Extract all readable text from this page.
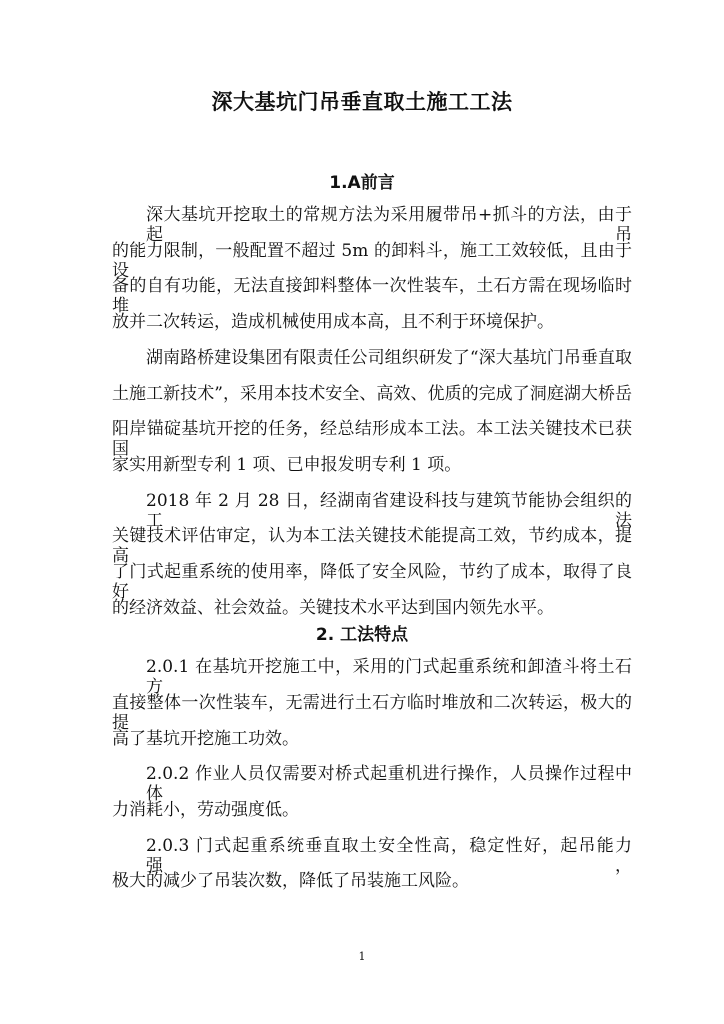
深大基坑门吊垂直取土施工工法
1.A前言

深大基坑开挖取土的常规方法为采用履带吊+抓斗的方法，由于起吊

的能力限制，一般配置不超过 5m 的卸料斗，施工工效较低，且由于设

备的自有功能，无法直接卸料整体一次性装车，土石方需在现场临时堆

放并二次转运，造成机械使用成本高，且不利于环境保护。

湖南路桥建设集团有限责任公司组织研发了“深大基坑门吊垂直取

土施工新技术”，采用本技术安全、高效、优质的完成了洞庭湖大桥岳

阳岸锚碇基坑开挖的任务，经总结形成本工法。本工法关键技术已获国

家实用新型专利 1 项、已申报发明专利 1 项。

2018 年 2 月 28 日，经湖南省建设科技与建筑节能协会组织的工法

关键技术评估审定，认为本工法关键技术能提高工效，节约成本，提高

了门式起重系统的使用率，降低了安全风险，节约了成本，取得了良好

的经济效益、社会效益。关键技术水平达到国内领先水平。

2. 工法特点

2.0.1 在基坑开挖施工中，采用的门式起重系统和卸渣斗将土石方

直接整体一次性装车，无需进行土石方临时堆放和二次转运，极大的提

高了基坑开挖施工功效。

2.0.2 作业人员仅需要对桥式起重机进行操作，人员操作过程中体

力消耗小，劳动强度低。

2.0.3 门式起重系统垂直取土安全性高，稳定性好，起吊能力强，

极大的减少了吊装次数，降低了吊装施工风险。

1
